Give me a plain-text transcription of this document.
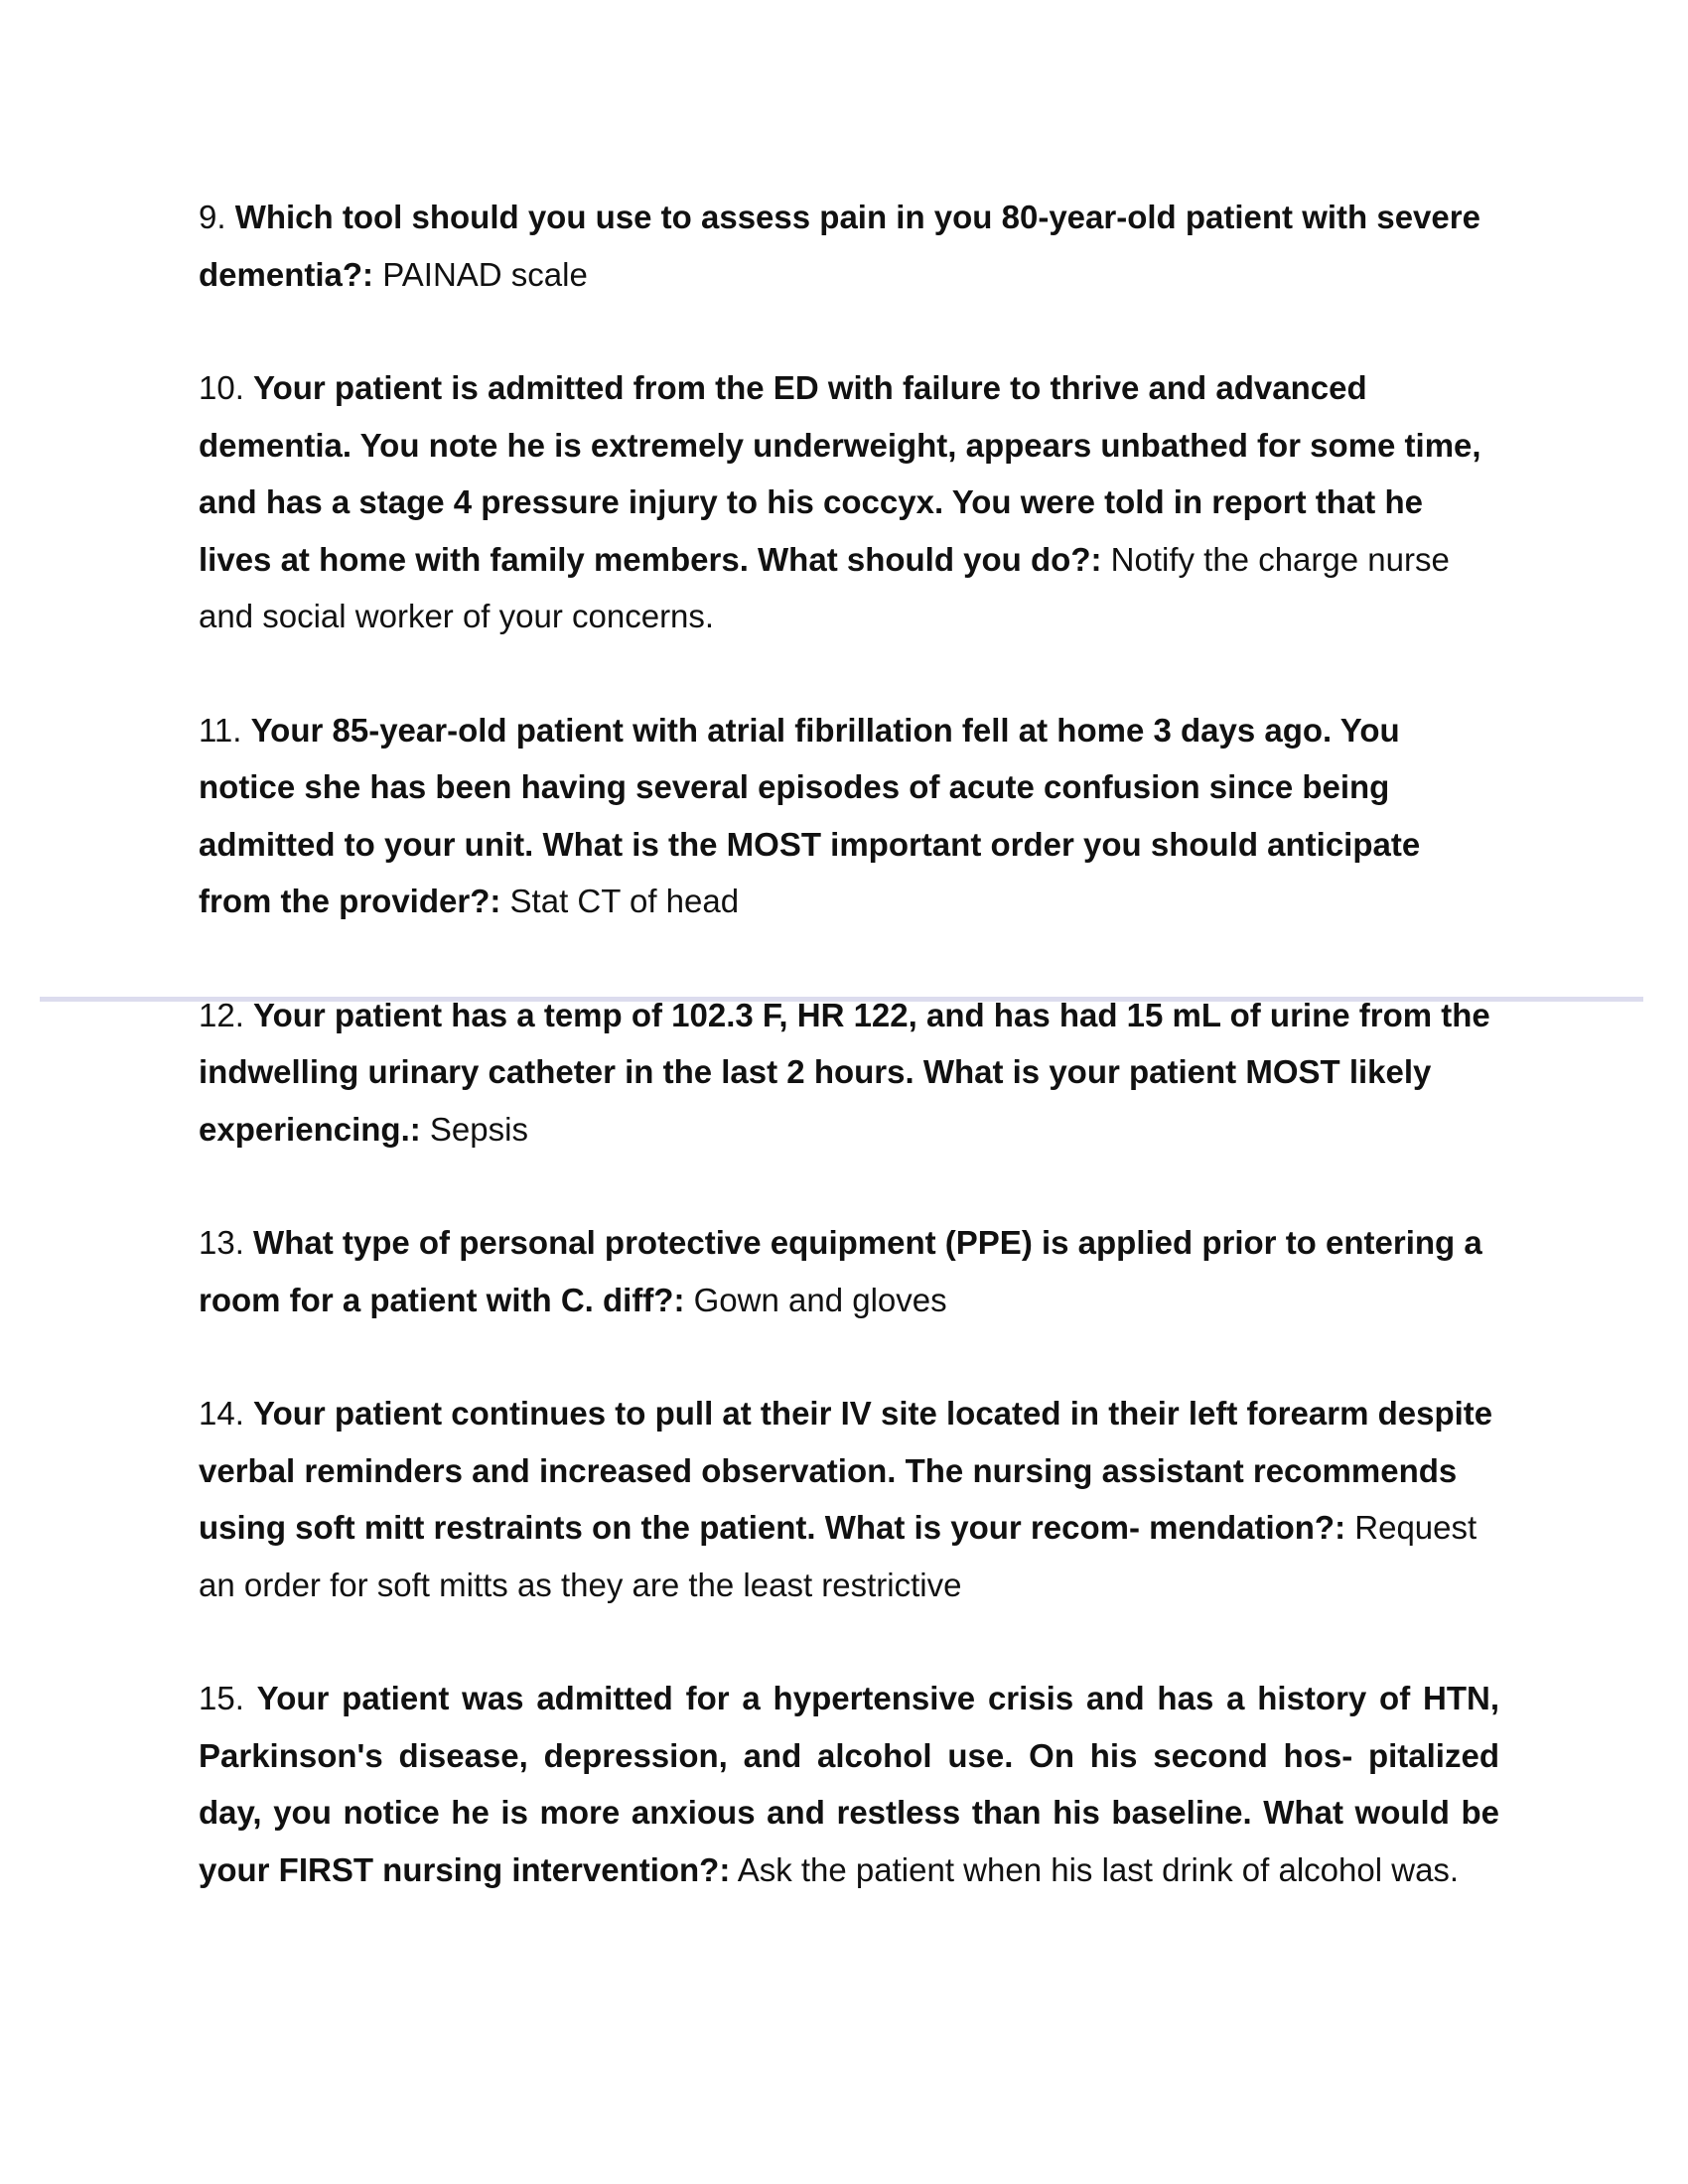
9. Which tool should you use to assess pain in you 80-year-old patient with severe dementia?: PAINAD scale

10. Your patient is admitted from the ED with failure to thrive and advanced dementia. You note he is extremely underweight, appears unbathed for some time, and has a stage 4 pressure injury to his coccyx. You were told in report that he lives at home with family members. What should you do?: Notify the charge nurse and social worker of your concerns.

11. Your 85-year-old patient with atrial fibrillation fell at home 3 days ago. You notice she has been having several episodes of acute confusion since being admitted to your unit. What is the MOST important order you should anticipate from the provider?: Stat CT of head

12. Your patient has a temp of 102.3 F, HR 122, and has had 15 mL of urine from the indwelling urinary catheter in the last 2 hours. What is your patient MOST likely experiencing.: Sepsis

13. What type of personal protective equipment (PPE) is applied prior to entering a room for a patient with C. diff?: Gown and gloves

14. Your patient continues to pull at their IV site located in their left forearm despite verbal reminders and increased observation. The nursing assistant recommends using soft mitt restraints on the patient. What is your recom- mendation?: Request an order for soft mitts as they are the least restrictive

15. Your patient was admitted for a hypertensive crisis and has a history of HTN, Parkinson's disease, depression, and alcohol use. On his second hos- pitalized day, you notice he is more anxious and restless than his baseline. What would be your FIRST nursing intervention?: Ask the patient when his last drink of alcohol was.
